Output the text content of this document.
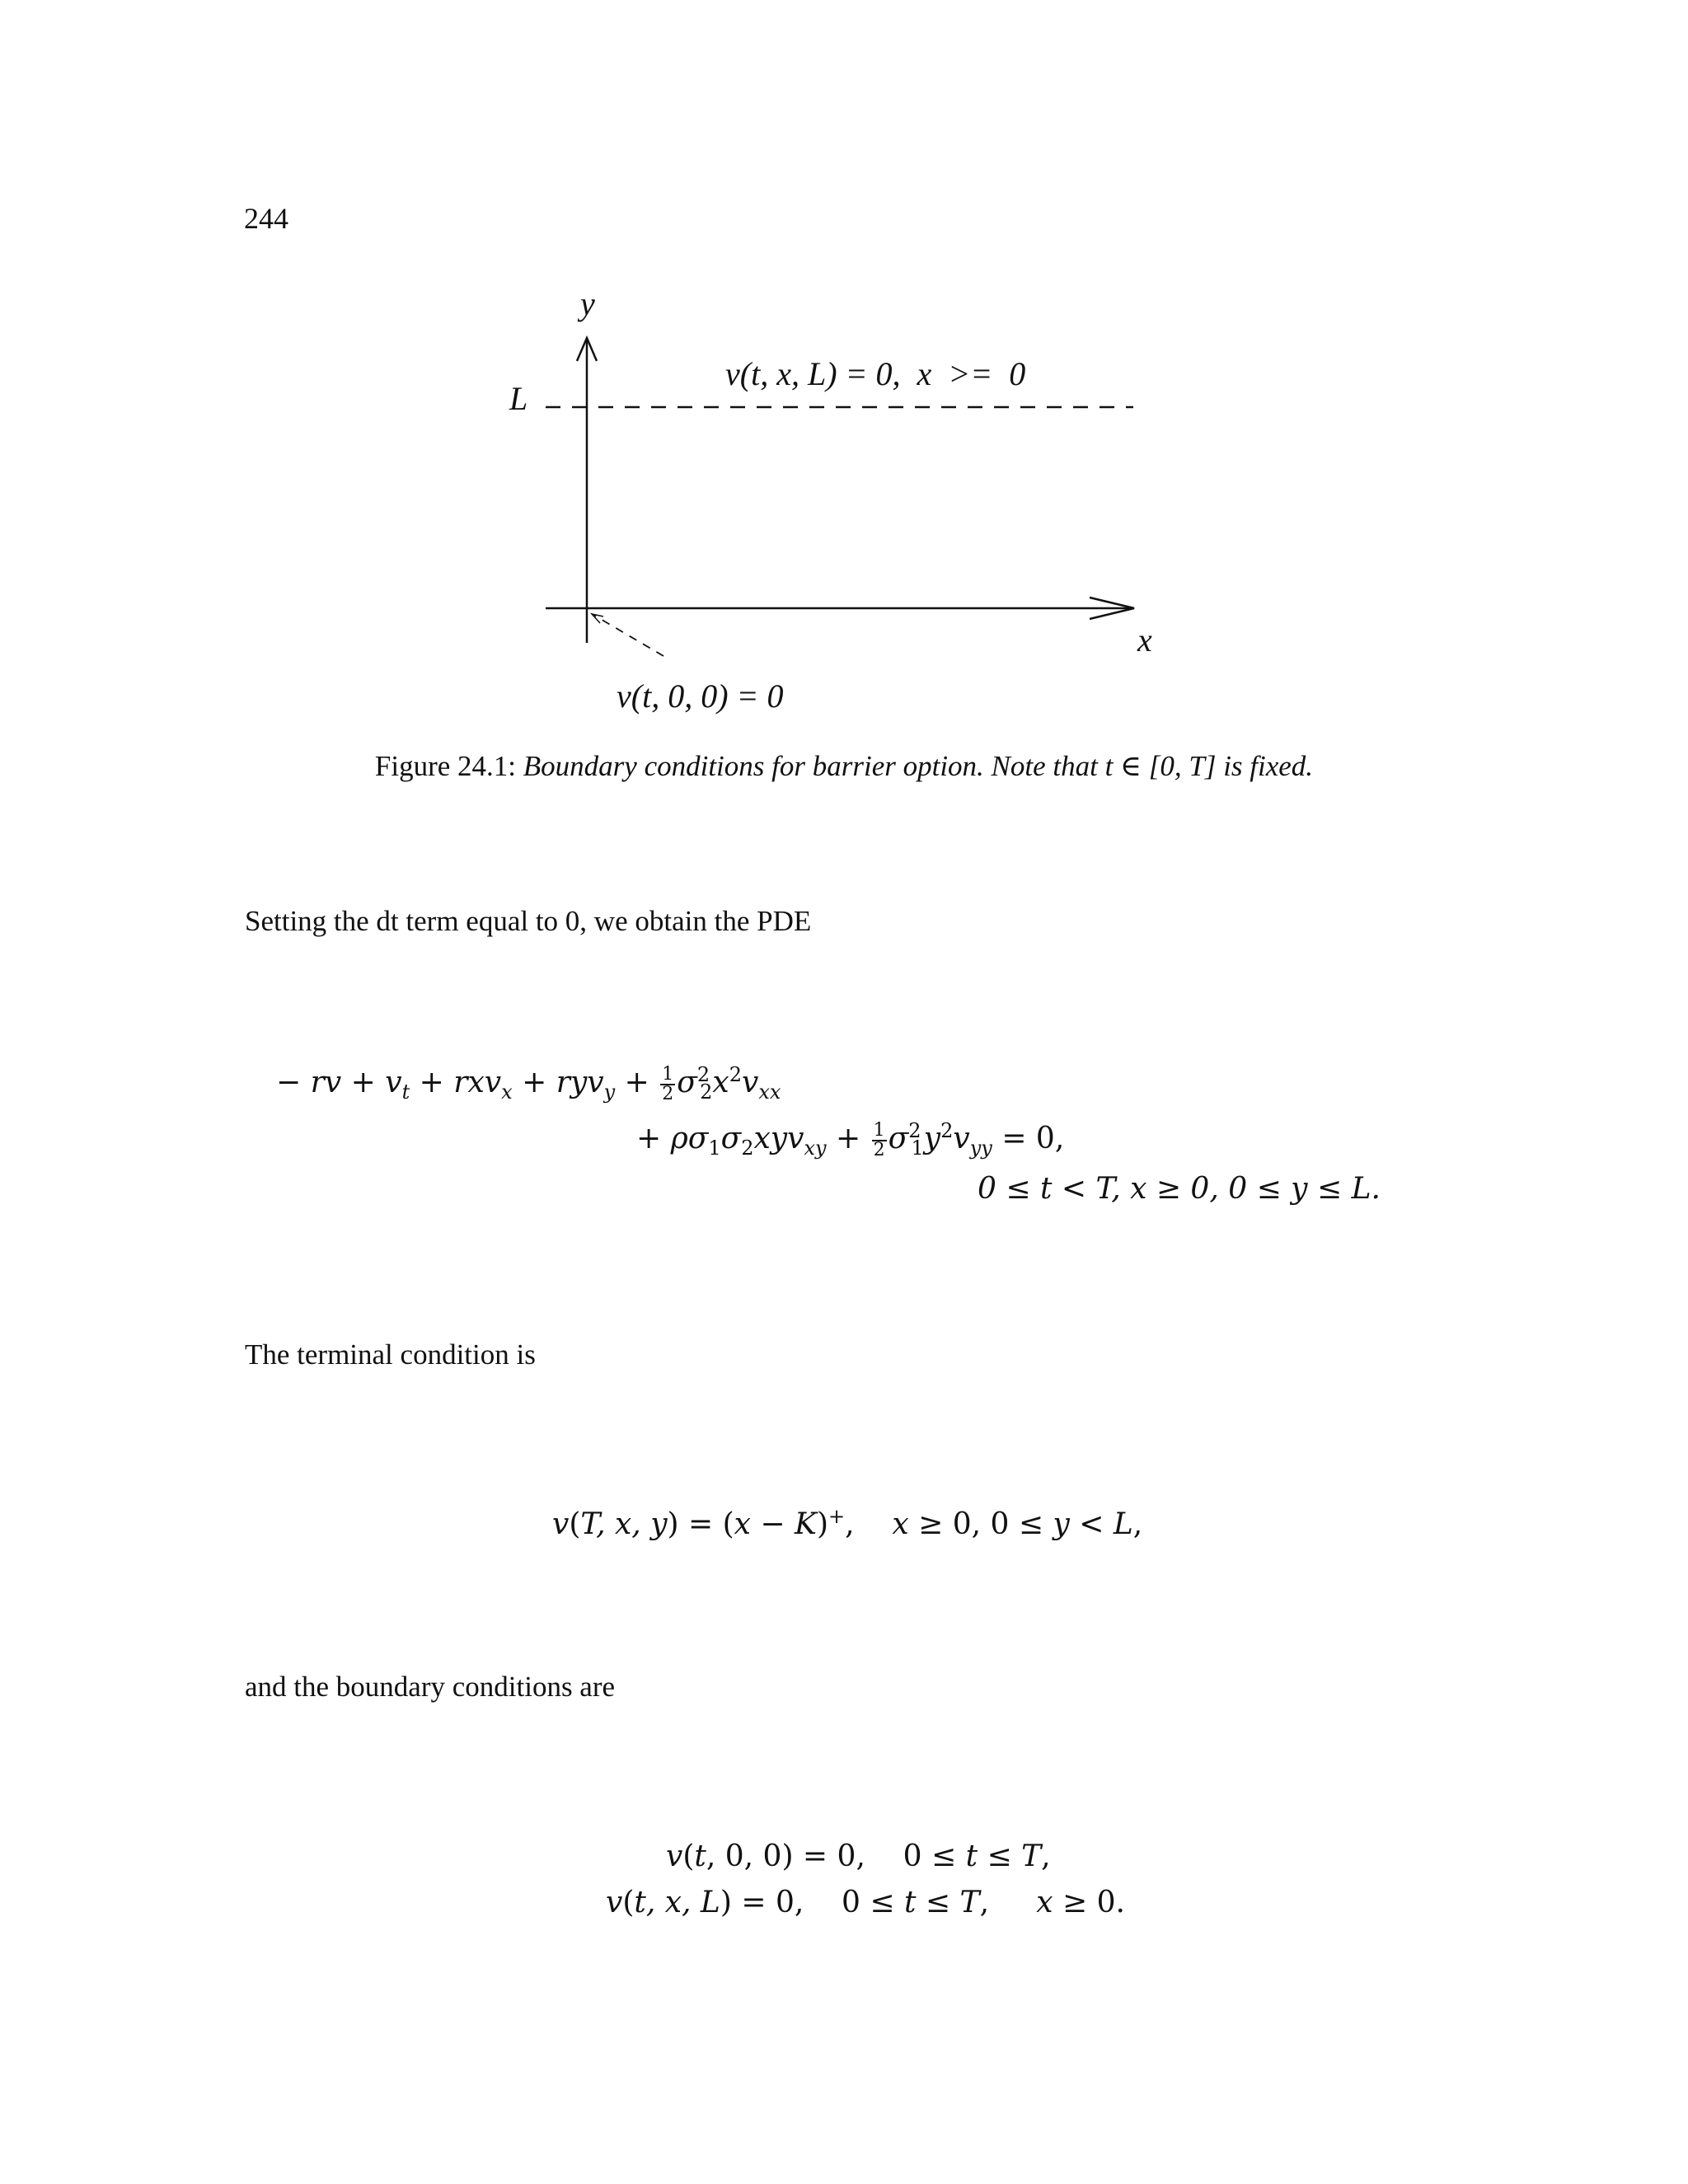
244
y
L
v(t, x, L) = 0,  x  >=  0
x
v(t, 0, 0) = 0
Figure 24.1: Boundary conditions for barrier option. Note that t ∈ [0, T] is fixed.
Setting the dt term equal to 0, we obtain the PDE
− rv + $v_t + rxv_x + ryv_y + \frac{1}{2} \sigma^2_2x^2v_{xx}$
+ $\rho\sigma_1\sigma_2xyv_{xy} + \frac{1}{2} \sigma^2_1y^2v_{yy} = 0$,
0 ≤ t < T, x ≥ 0, 0 ≤ y ≤ L.
The terminal condition is
v(T, x, y) = (x − K)+,    x ≥ 0, 0 ≤ y < L,
and the boundary conditions are
v(t, 0, 0) = 0,    0 ≤ t ≤ T,
v(t, x, L) = 0,    0 ≤ t ≤ T,     x ≥ 0.
